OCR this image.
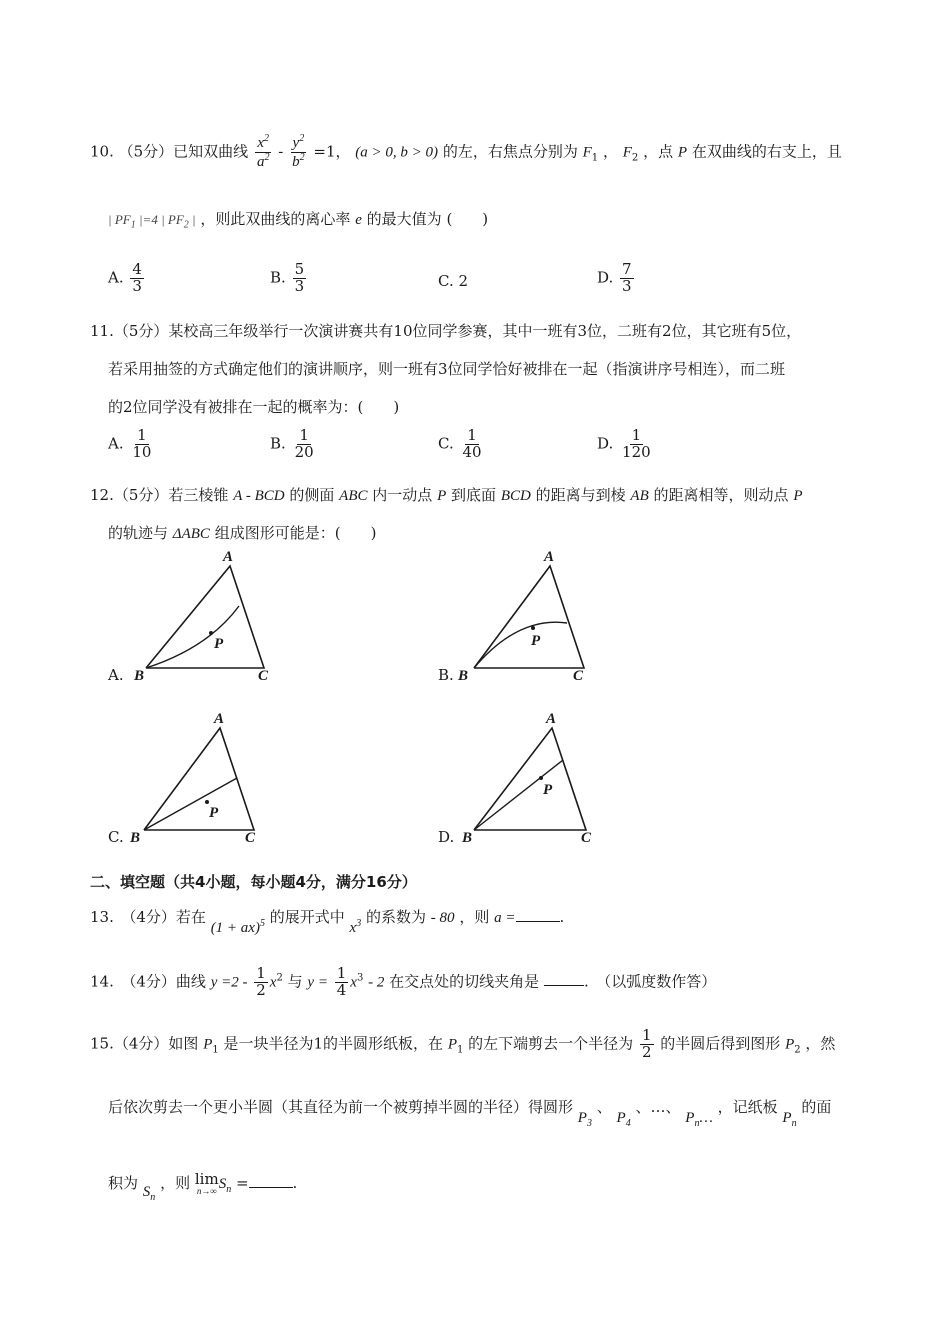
10. （5分）已知双曲线 $\frac{x^2}{a^2} - \frac{y^2}{b^2} =1$， (a > 0, b > 0) 的左，右焦点分别为 $F_1$ ， $F_2$ ，点 P 在双曲线的右支上，且
| $PF_1$ |=4 | $PF_2$ | ，则此双曲线的离心率 e 的最大值为 (　　)
A. $\frac{4}{3}$	B. $\frac{5}{3}$	C. 2	D. $\frac{7}{3}$
11.（5分）某校高三年级举行一次演讲赛共有10位同学参赛，其中一班有3位，二班有2位，其它班有5位，
若采用抽签的方式确定他们的演讲顺序，则一班有3位同学恰好被排在一起（指演讲序号相连），而二班
的2位同学没有被排在一起的概率为：(　　)
A. $\frac{1}{10}$	B. $\frac{1}{20}$	C. $\frac{1}{40}$	D. $\frac{1}{120}$
12.（5分）若三棱锥 A - BCD 的侧面 ABC 内一动点 P 到底面 BCD 的距离与到棱 AB 的距离相等，则动点 P
的轨迹与 ΔABC 组成图形可能是：(　　)
A.
A
B	C
P
B.
A
B	C
P
C.
A
B	C
P
D.
A
B	C
P
二、填空题（共4小题，每小题4分，满分16分）
13.　（4分）若在 (1 + ax)$^5$ 的展开式中 $x^3$ 的系数为 - 80 ，则 a =	.
14.　（4分）曲线 $y =2 - \frac{1}{2} x^2$ 与 $y = \frac{1}{4} x^3 - 2$ 在交点处的切线夹角是	.　（以弧度数作答）
15.（4分）如图 $P_1$ 是一块半径为1的半圆形纸板，在 $P_1$ 的左下端剪去一个半径为 $\frac{1}{2}$ 的半圆后得到图形 $P_2$ ，然
后依次剪去一个更小半圆（其直径为前一个被剪掉半圆的半径）得圆形 $P_3$ 、 $P_4$ 、…、 $P_n\dots$ ，记纸板 $P_n$ 的面
积为 $S_n$ ，则 lim
n→∞ $S_n$ =	.
